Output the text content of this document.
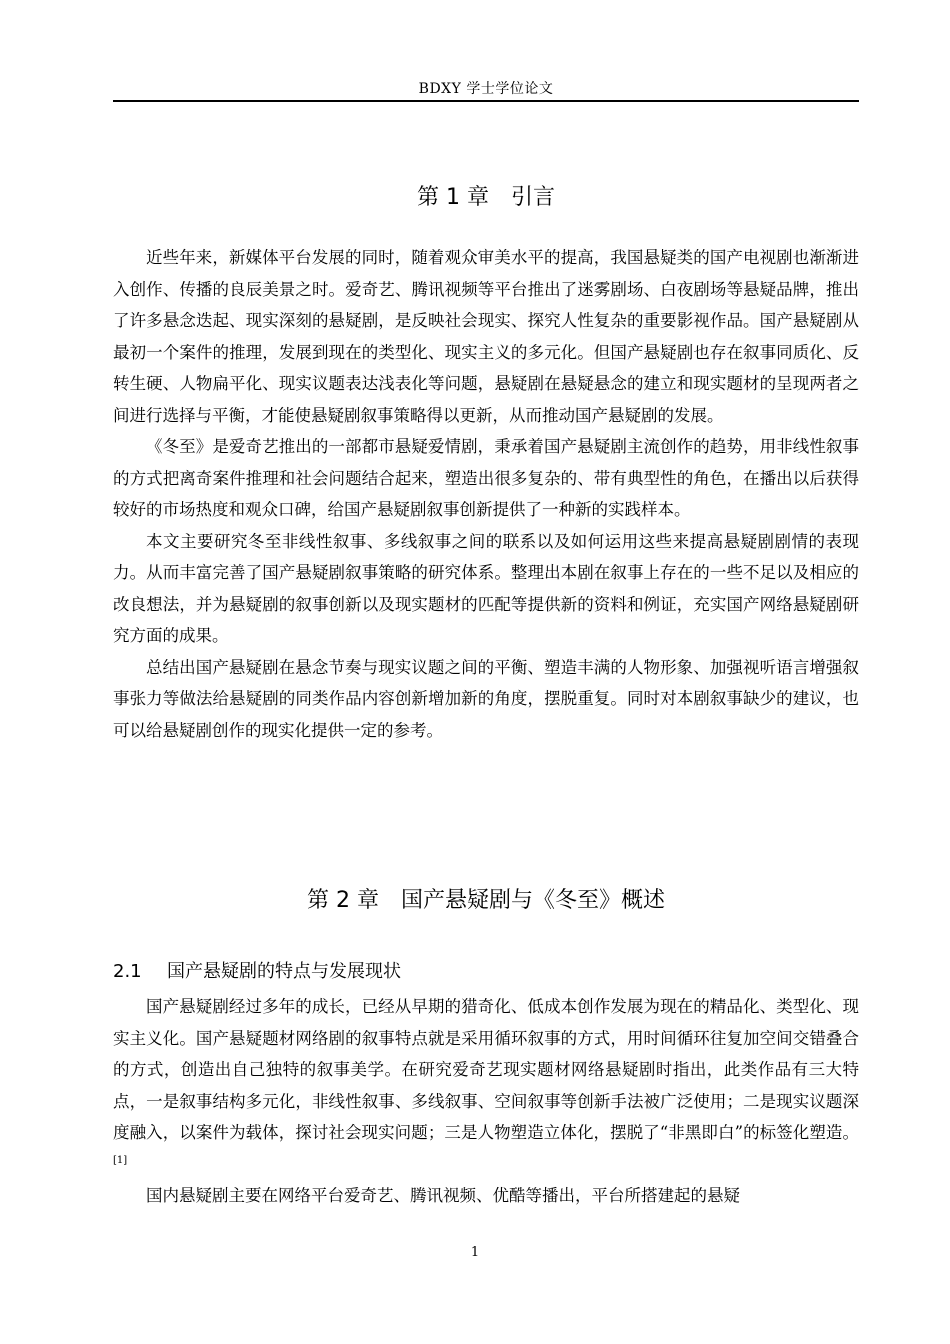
BDXY 学士学位论文
第 1 章　引言

近些年来，新媒体平台发展的同时，随着观众审美水平的提高，我国悬疑类的国产电视剧也渐渐进入创作、传播的良辰美景之时。爱奇艺、腾讯视频等平台推出了迷雾剧场、白夜剧场等悬疑品牌，推出了许多悬念迭起、现实深刻的悬疑剧，是反映社会现实、探究人性复杂的重要影视作品。国产悬疑剧从最初一个案件的推理，发展到现在的类型化、现实主义的多元化。但国产悬疑剧也存在叙事同质化、反转生硬、人物扁平化、现实议题表达浅表化等问题，悬疑剧在悬疑悬念的建立和现实题材的呈现两者之间进行选择与平衡，才能使悬疑剧叙事策略得以更新，从而推动国产悬疑剧的发展。

《冬至》是爱奇艺推出的一部都市悬疑爱情剧，秉承着国产悬疑剧主流创作的趋势，用非线性叙事的方式把离奇案件推理和社会问题结合起来，塑造出很多复杂的、带有典型性的角色，在播出以后获得较好的市场热度和观众口碑，给国产悬疑剧叙事创新提供了一种新的实践样本。

本文主要研究冬至非线性叙事、多线叙事之间的联系以及如何运用这些来提高悬疑剧剧情的表现力。从而丰富完善了国产悬疑剧叙事策略的研究体系。整理出本剧在叙事上存在的一些不足以及相应的改良想法，并为悬疑剧的叙事创新以及现实题材的匹配等提供新的资料和例证，充实国产网络悬疑剧研究方面的成果。

总结出国产悬疑剧在悬念节奏与现实议题之间的平衡、塑造丰满的人物形象、加强视听语言增强叙事张力等做法给悬疑剧的同类作品内容创新增加新的角度，摆脱重复。同时对本剧叙事缺少的建议，也可以给悬疑剧创作的现实化提供一定的参考。

第 2 章　国产悬疑剧与《冬至》概述
2.1 国产悬疑剧的特点与发展现状

国产悬疑剧经过多年的成长，已经从早期的猎奇化、低成本创作发展为现在的精品化、类型化、现实主义化。国产悬疑题材网络剧的叙事特点就是采用循环叙事的方式，用时间循环往复加空间交错叠合的方式，创造出自己独特的叙事美学。在研究爱奇艺现实题材网络悬疑剧时指出，此类作品有三大特点，一是叙事结构多元化，非线性叙事、多线叙事、空间叙事等创新手法被广泛使用；二是现实议题深度融入，以案件为载体，探讨社会现实问题；三是人物塑造立体化，摆脱了“非黑即白”的标签化塑造。[1]

国内悬疑剧主要在网络平台爱奇艺、腾讯视频、优酷等播出，平台所搭建起的悬疑

1
